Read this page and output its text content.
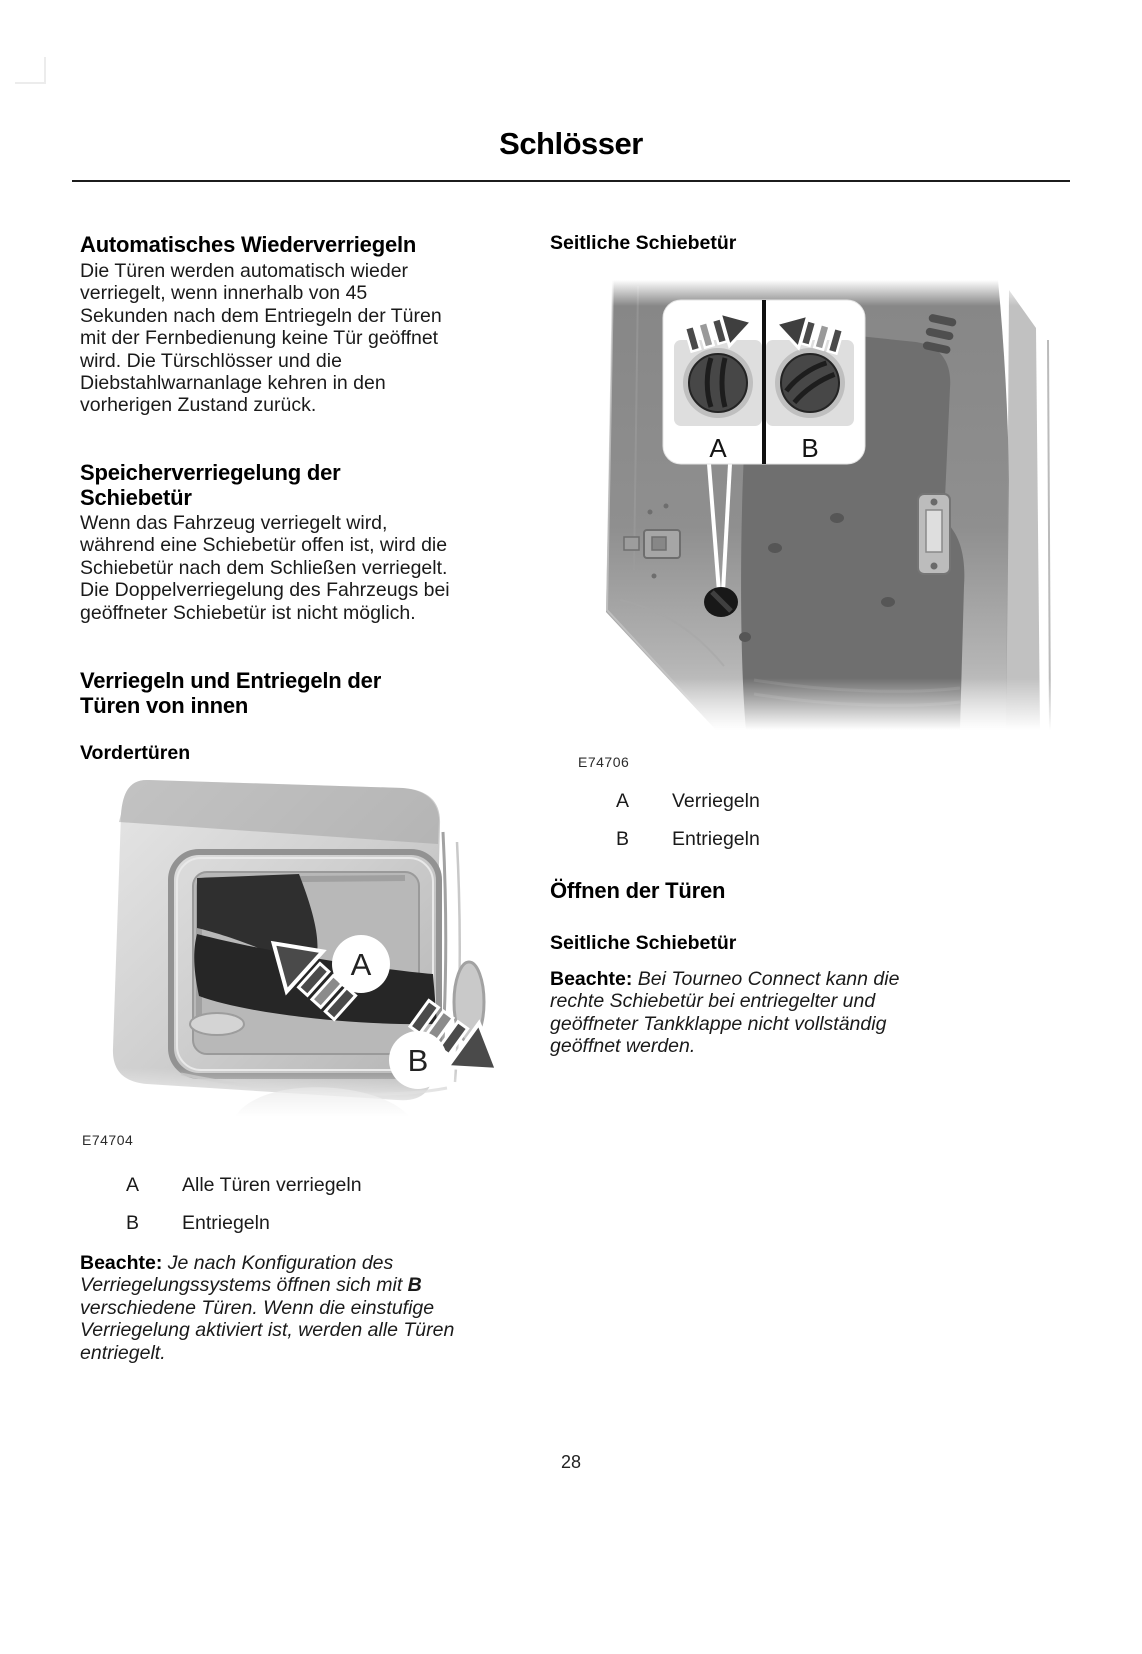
Schlösser
Automatisches Wiederverriegeln

Die Türen werden automatisch wieder
verriegelt, wenn innerhalb von 45
Sekunden nach dem Entriegeln der Türen
mit der Fernbedienung keine Tür geöffnet
wird. Die Türschlösser und die
Diebstahlwarnanlage kehren in den
vorherigen Zustand zurück.

Speicherverriegelung der
Schiebetür

Wenn das Fahrzeug verriegelt wird,
während eine Schiebetür offen ist, wird die
Schiebetür nach dem Schließen verriegelt.
Die Doppelverriegelung des Fahrzeugs bei
geöffneter Schiebetür ist nicht möglich.

Verriegeln und Entriegeln der
Türen von innen
Vordertüren
A
B
E74704
A	Alle Türen verriegeln
B	Entriegeln

Beachte: Je nach Konfiguration des
Verriegelungssystems öffnen sich mit B
verschiedene Türen. Wenn die einstufige
Verriegelung aktiviert ist, werden alle Türen
entriegelt.

Seitliche Schiebetür
A	B
E74706
A	Verriegeln
B	Entriegeln
Öffnen der Türen
Seitliche Schiebetür

Beachte: Bei Tourneo Connect kann die
rechte Schiebetür bei entriegelter und
geöffneter Tankklappe nicht vollständig
geöffnet werden.

28
